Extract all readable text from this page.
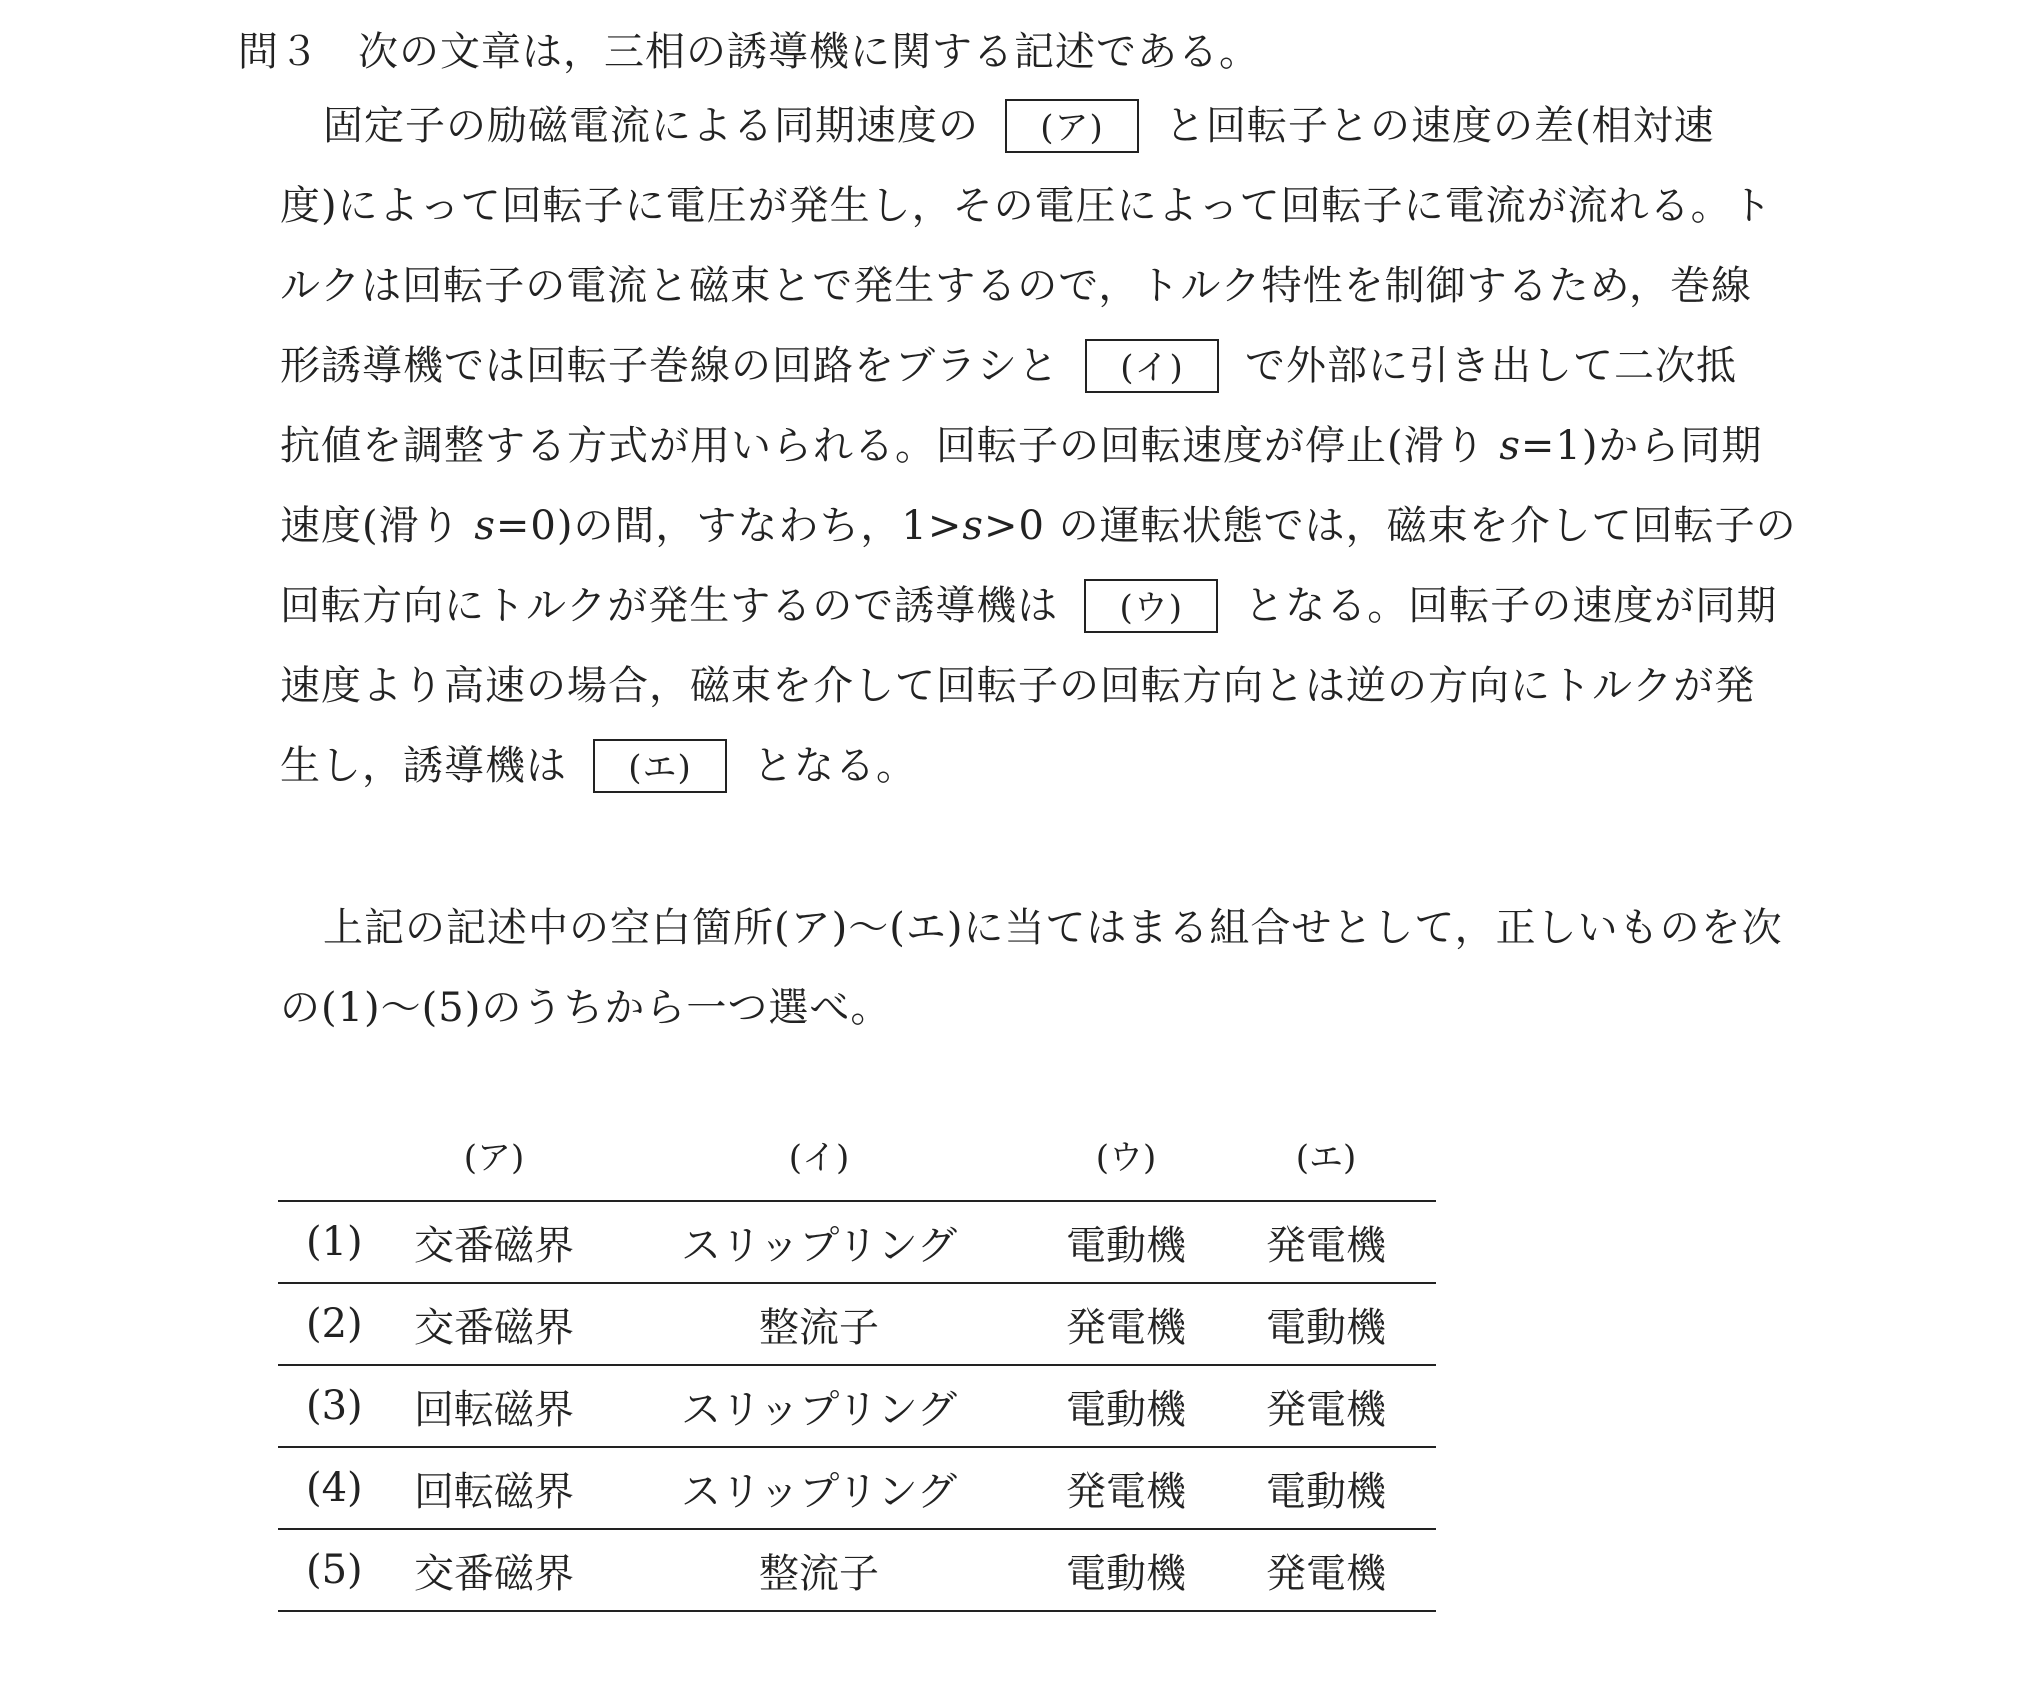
問３ 次の文章は，三相の誘導機に関する記述である。
固定子の励磁電流による同期速度の (ア) と回転子との速度の差(相対速
度)によって回転子に電圧が発生し，その電圧によって回転子に電流が流れる。ト
ルクは回転子の電流と磁束とで発生するので，トルク特性を制御するため，巻線
形誘導機では回転子巻線の回路をブラシと (イ) で外部に引き出して二次抵
抗値を調整する方式が用いられる。回転子の回転速度が停止(滑り s=1)から同期
速度(滑り s=0)の間，すなわち，1>s>0 の運転状態では，磁束を介して回転子の
回転方向にトルクが発生するので誘導機は (ウ) となる。回転子の速度が同期
速度より高速の場合，磁束を介して回転子の回転方向とは逆の方向にトルクが発
生し，誘導機は (エ) となる。
上記の記述中の空白箇所(ア)～(エ)に当てはまる組合せとして，正しいものを次
の(1)～(5)のうちから一つ選べ。
	(ア)	(イ)	(ウ)	(エ)
(1)	交番磁界	スリップリング	電動機	発電機
(2)	交番磁界	整流子	発電機	電動機
(3)	回転磁界	スリップリング	電動機	発電機
(4)	回転磁界	スリップリング	発電機	電動機
(5)	交番磁界	整流子	電動機	発電機
